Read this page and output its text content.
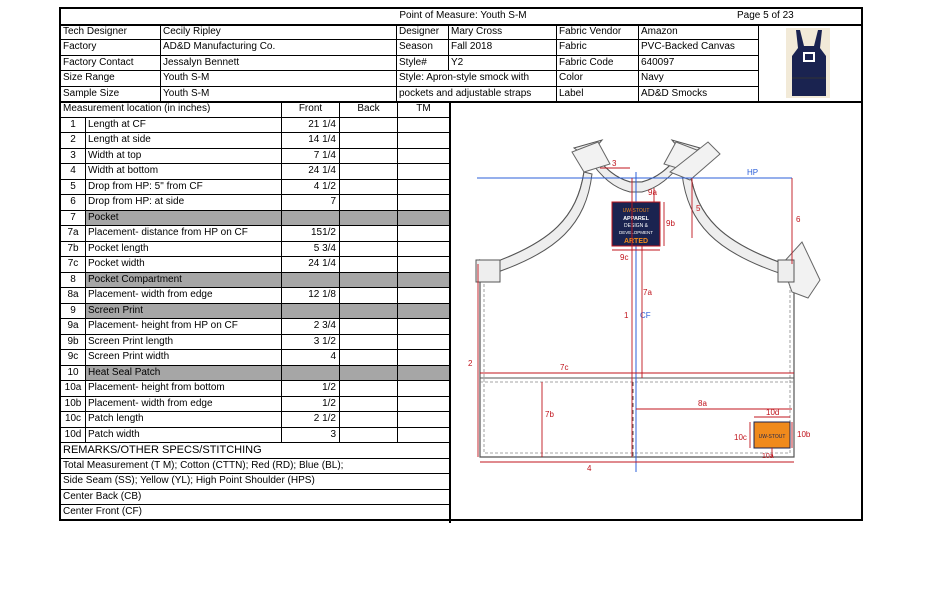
Point of Measure: Youth S-M	Page 5 of 23
Tech Designer	Cecily Ripley	Designer	Mary Cross	Fabric Vendor	Amazon
Factory	AD&D Manufacturing Co.	Season	Fall 2018	Fabric	PVC-Backed Canvas
Factory Contact	Jessalyn Bennett	Style#	Y2	Fabric Code	640097
Size Range	Youth S-M	Style: Apron-style smock with	Color	Navy
Sample Size	Youth S-M	pockets and adjustable straps	Label	AD&D Smocks
Measurement location (in inches)	Front	Back	TM
1	Length at CF	21 1/4
2	Length at side	14 1/4
3	Width at top	7 1/4
4	Width at bottom	24 1/4
5	Drop from HP: 5" from CF	4 1/2
6	Drop from HP: at side	7
7	Pocket
7a Placement- distance from HP on CF	151/2
7b Pocket length	5 3/4
7c Pocket width	24 1/4
8	Pocket Compartment
8a Placement- width from edge	12 1/8
9	Screen Print
9a Placement- height from HP on CF	2 3/4
9b Screen Print length	3 1/2
9c Screen Print width	4
10 Heat Seal Patch
10a Placement- height from bottom	1/2
10b Placement- width from edge	1/2
10c Patch length	2 1/2
10d Patch width	3
REMARKS/OTHER SPECS/STITCHING
Total Measurement (T M); Cotton (CTTN); Red (RD); Blue (BL);
Side Seam (SS); Yellow (YL); High Point Shoulder (HPS)
Center Back (CB)
Center Front (CF)
HP
CF
UW-STOUT
APPAREL
DESIGN &
DEVELOPMENT
ARTED
UW-STOUT
3
9a
9b
9c
5
6
7a
1
2	7c
7b
8a
10d
10c	10b
10a
4
